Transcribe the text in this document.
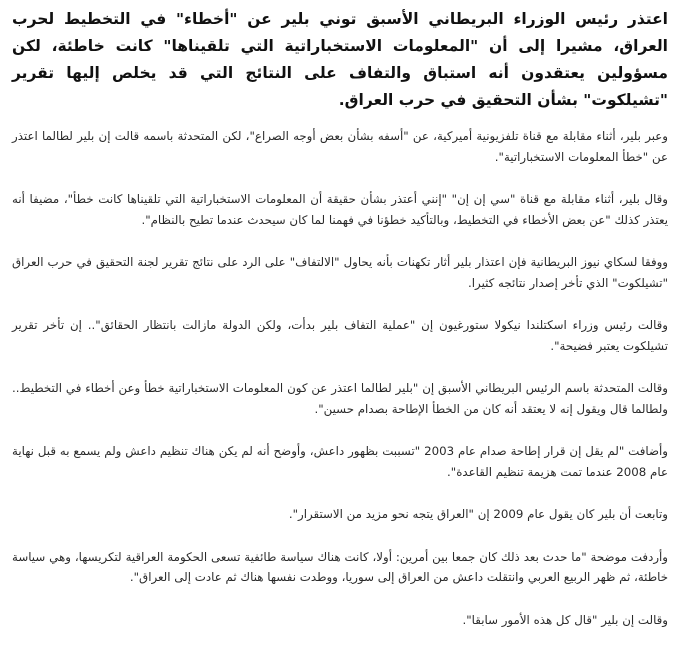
اعتذر رئيس الوزراء البريطاني الأسبق توني بلير عن "أخطاء" في التخطيط لحرب العراق، مشيرا إلى أن "المعلومات الاستخباراتية التي تلقيناها" كانت خاطئة، لكن مسؤولين يعتقدون أنه استباق والتفاف على النتائج التي قد يخلص إليها تقرير "تشيلكوت" بشأن التحقيق في حرب العراق.

وعبر بلير، أثناء مقابلة مع قناة تلفزيونية أميركية، عن "أسفه بشأن بعض أوجه الصراع"، لكن المتحدثة باسمه قالت إن بلير لطالما اعتذر عن "خطأ المعلومات الاستخباراتية".

وقال بلير، أثناء مقابلة مع قناة "سي إن إن" "إنني أعتذر بشأن حقيقة أن المعلومات الاستخباراتية التي تلقيناها كانت خطأ"، مضيفا أنه يعتذر كذلك "عن بعض الأخطاء في التخطيط، وبالتأكيد خطؤنا في فهمنا لما كان سيحدث عندما تطيح بالنظام".

ووفقا لسكاي نيوز البريطانية فإن اعتذار بلير أثار تكهنات بأنه يحاول "الالتفاف" على الرد على نتائج تقرير لجنة التحقيق في حرب العراق "تشيلكوت" الذي تأخر إصدار نتائجه كثيرا.

وقالت رئيس وزراء اسكتلندا نيكولا ستورغيون إن "عملية التفاف بلير بدأت، ولكن الدولة مازالت بانتظار الحقائق".. إن تأخر تقرير تشيلكوت يعتبر فضيحة".

وقالت المتحدثة باسم الرئيس البريطاني الأسبق إن "بلير لطالما اعتذر عن كون المعلومات الاستخباراتية خطأ وعن أخطاء في التخطيط.. ولطالما قال ويقول إنه لا يعتقد أنه كان من الخطأ الإطاحة بصدام حسين".

وأضافت "لم يقل إن قرار إطاحة صدام عام 2003 "تسببت بظهور داعش، وأوضح أنه لم يكن هناك تنظيم داعش ولم يسمع به قبل نهاية عام 2008 عندما تمت هزيمة تنظيم القاعدة".

وتابعت أن بلير كان يقول عام 2009 إن "العراق يتجه نحو مزيد من الاستقرار".

وأردفت موضحة "ما حدث بعد ذلك كان جمعا بين أمرين: أولا، كانت هناك سياسة طائفية تسعى الحكومة العراقية لتكريسها، وهي سياسة خاطئة، ثم ظهر الربيع العربي وانتقلت داعش من العراق إلى سوريا، ووطدت نفسها هناك ثم عادت إلى العراق".

وقالت إن بلير "قال كل هذه الأمور سابقا".
